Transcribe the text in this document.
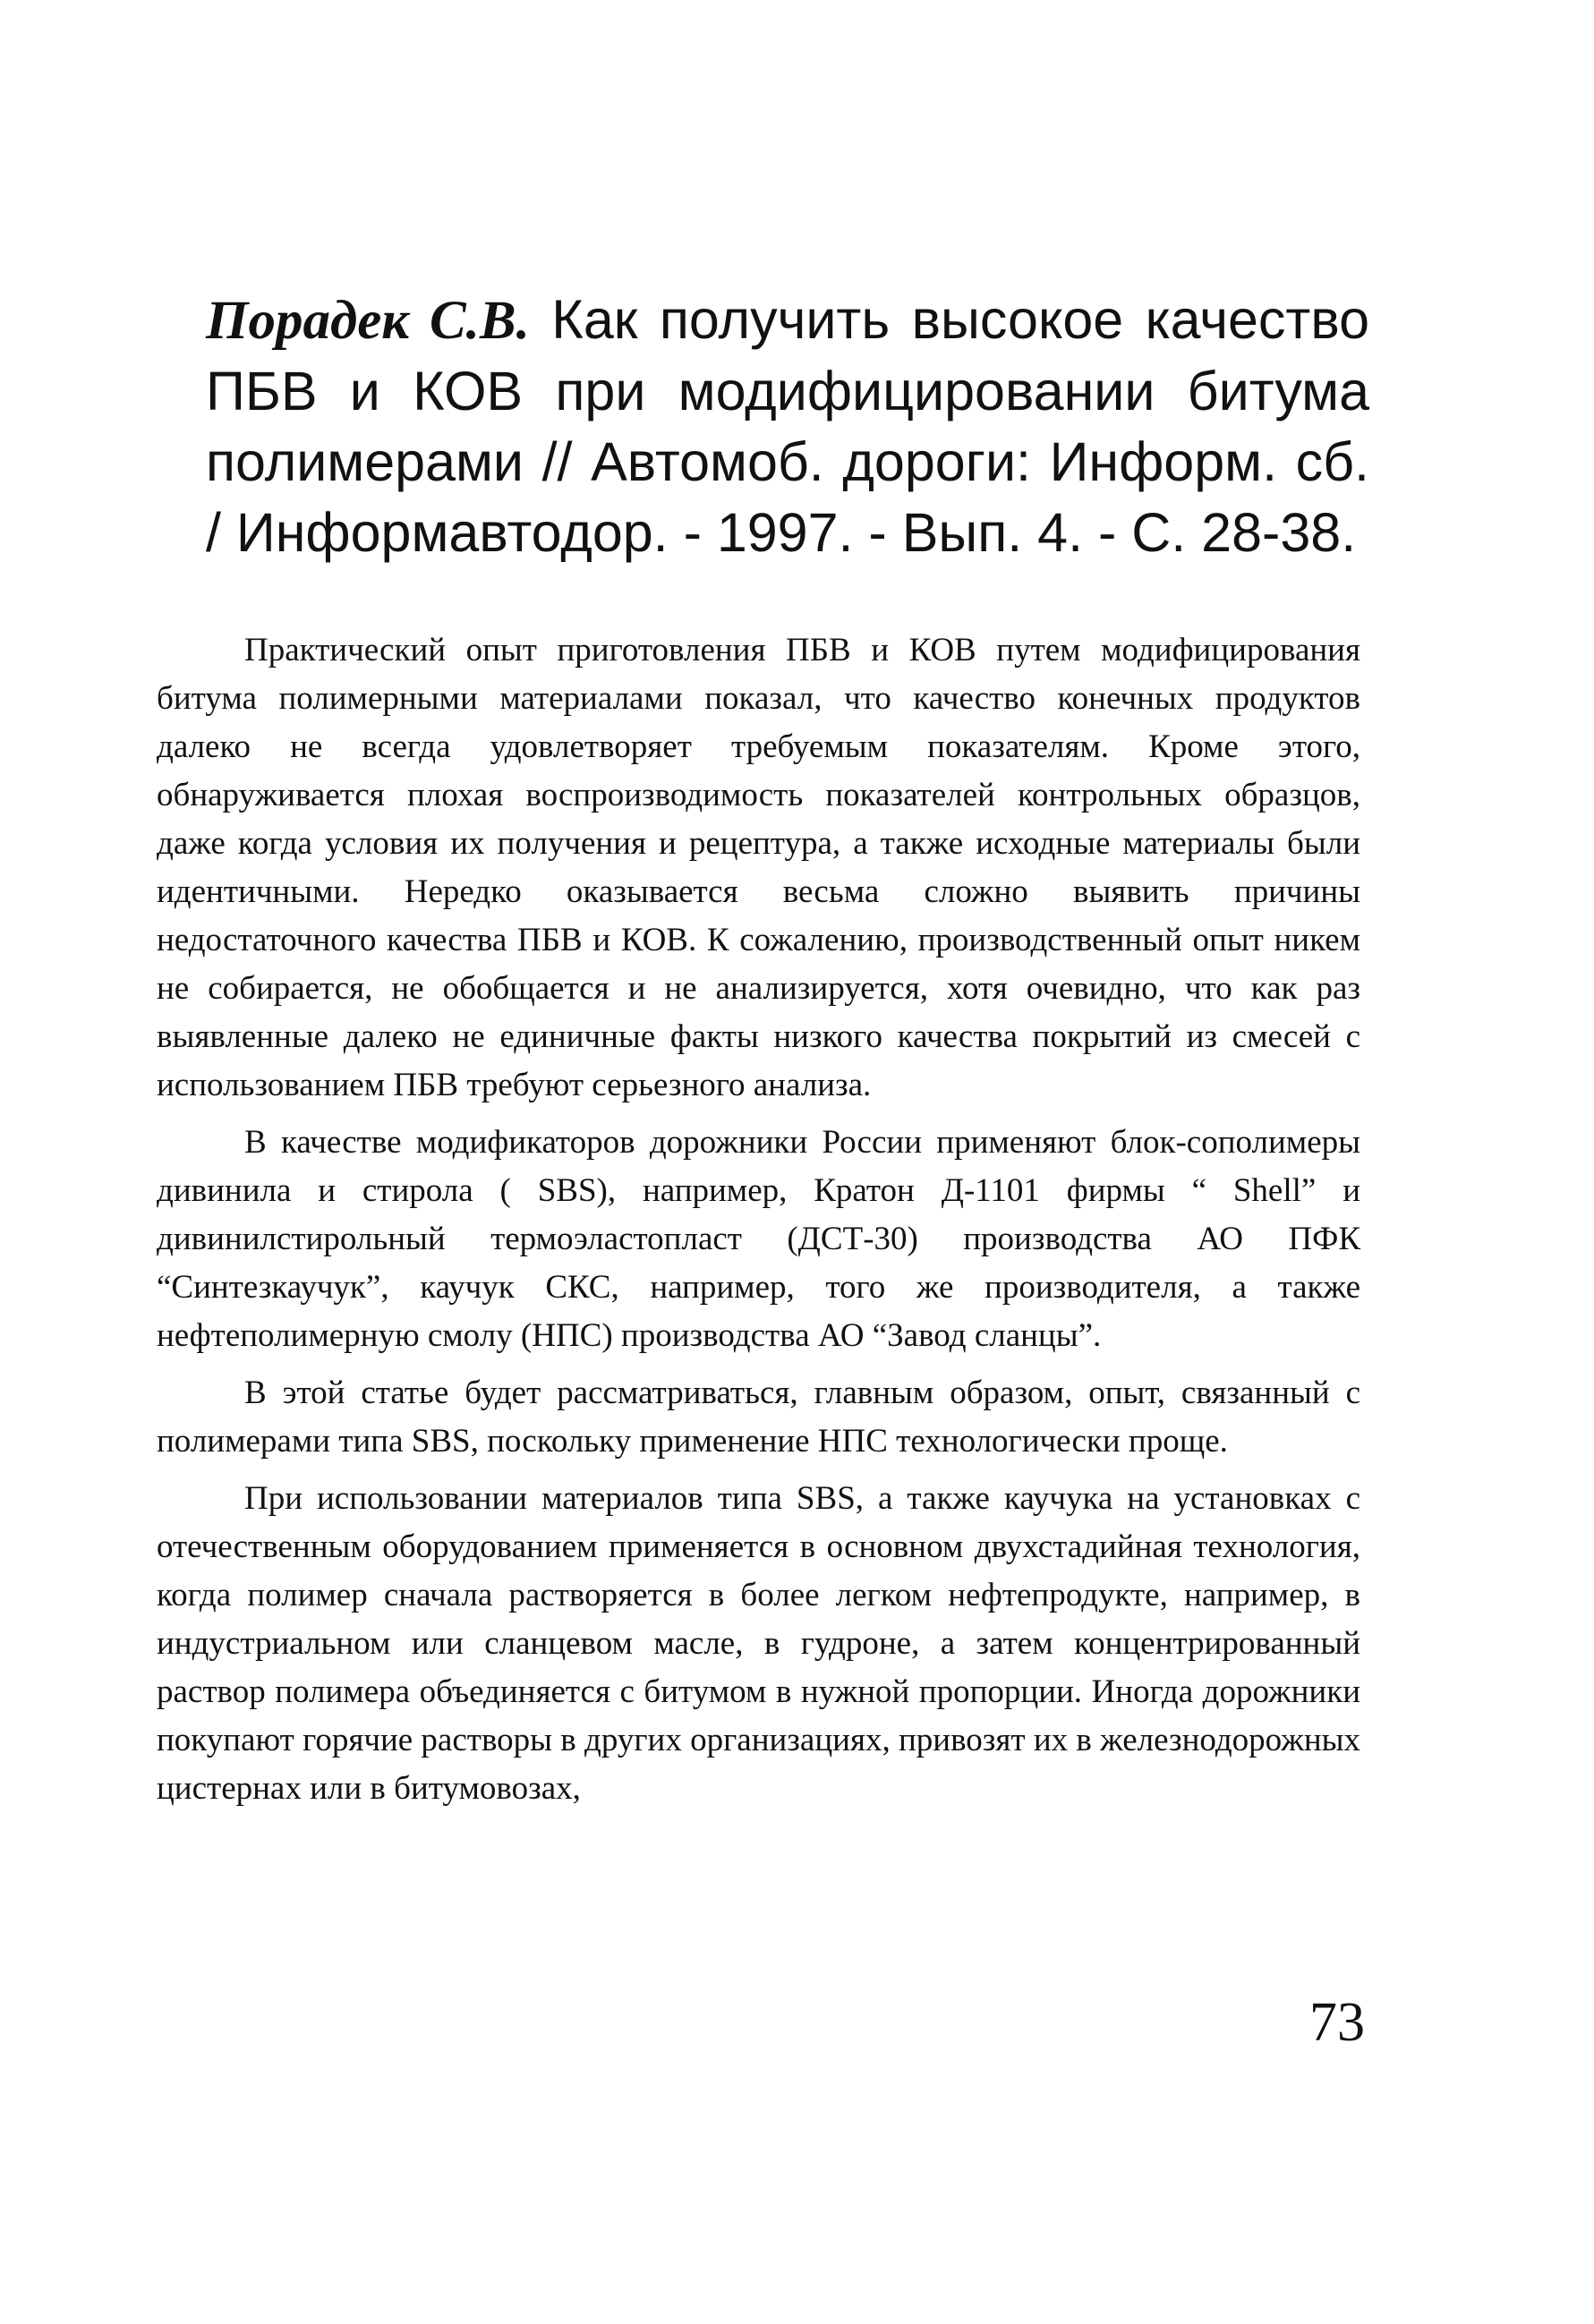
Порадек С.В. Как получить высокое качество ПБВ и КОВ при модифицировании битума полимерами // Автомоб. дороги: Информ. сб. / Информавтодор. - 1997. - Вып. 4. - С. 28-38.

Практический опыт приготовления ПБВ и КОВ путем модифицирования битума полимерными материалами показал, что качество конечных продуктов далеко не всегда удовлетворяет требуемым показателям. Кроме этого, обнаруживается плохая воспроизводимость показателей контрольных образцов, даже когда условия их получения и рецептура, а также исходные материалы были идентичными. Нередко оказывается весьма сложно выявить причины недостаточного качества ПБВ и КОВ. К сожалению, производственный опыт никем не собирается, не обобщается и не анализируется, хотя очевидно, что как раз выявленные далеко не единичные факты низкого качества покрытий из смесей с использованием ПБВ требуют серьезного анализа.

В качестве модификаторов дорожники России применяют блок-сополимеры дивинила и стирола ( SBS), например, Кратон Д-1101 фирмы “ Shell” и дивинилстирольный термоэластопласт (ДСТ-30) производства АО ПФК “Синтезкаучук”, каучук СКС, например, того же производителя, а также нефтеполимерную смолу (НПС) производства АО “Завод сланцы”.

В этой статье будет рассматриваться, главным образом, опыт, связанный с полимерами типа SBS, поскольку применение НПС технологически проще.

При использовании материалов типа SBS, а также каучука на установках с отечественным оборудованием применяется в основном двухстадийная технология, когда полимер сначала растворяется в более легком нефтепродукте, например, в индустриальном или сланцевом масле, в гудроне, а затем концентрированный раствор полимера объединяется с битумом в нужной пропорции. Иногда дорожники покупают горячие растворы в других организациях, привозят их в железнодорожных цистернах или в битумовозах,

73
